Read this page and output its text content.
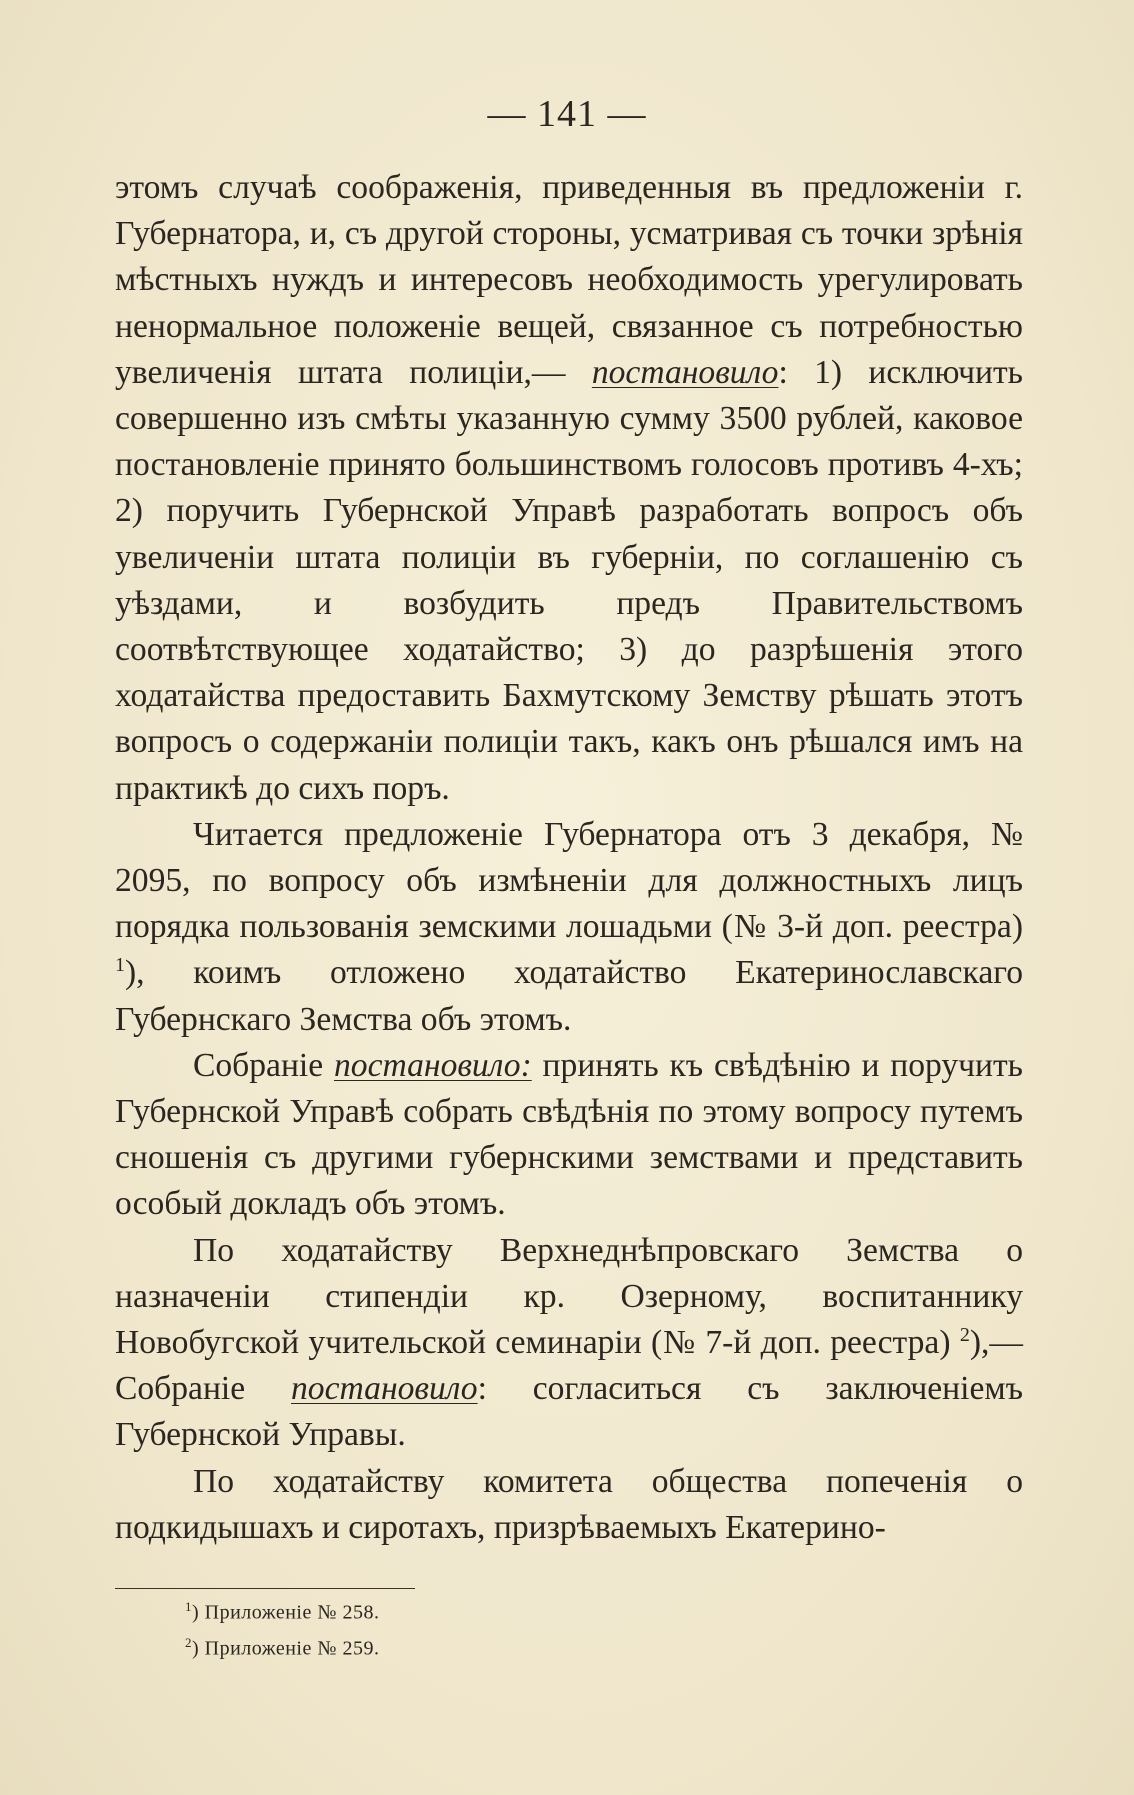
— 141 —

этомъ случаѣ соображенія, приведенныя въ предложеніи г. Губернатора, и, съ другой стороны, усматривая съ точки зрѣнія мѣстныхъ нуждъ и интересовъ необходимость урегулировать ненормальное положеніе вещей, связанное съ потребностью увеличенія штата полиціи,— постановило: 1) исключить совершенно изъ смѣты указанную сумму 3500 рублей, каковое постановленіе принято большинствомъ голосовъ противъ 4-хъ; 2) поручить Губернской Управѣ разработать вопросъ объ увеличеніи штата полиціи въ губерніи, по соглашенію съ уѣздами, и возбудить предъ Правительствомъ соотвѣтствующее ходатайство; 3) до разрѣшенія этого ходатайства предоставить Бахмутскому Земству рѣшать этотъ вопросъ о содержаніи полиціи такъ, какъ онъ рѣшался имъ на практикѣ до сихъ поръ.

Читается предложеніе Губернатора отъ 3 декабря, № 2095, по вопросу объ измѣненіи для должностныхъ лицъ порядка пользованія земскими лошадьми (№ 3-й доп. реестра) $^1$), коимъ отложено ходатайство Екатеринославскаго Губернскаго Земства объ этомъ.

Собраніе постановило: принять къ свѣдѣнію и поручить Губернской Управѣ собрать свѣдѣнія по этому вопросу путемъ сношенія съ другими губернскими земствами и представить особый докладъ объ этомъ.

По ходатайству Верхнеднѣпровскаго Земства о назначеніи стипендіи кр. Озерному, воспитаннику Новобугской учительской семинаріи (№ 7-й доп. реестра) $^2$),— Собраніе постановило: согласиться съ заключеніемъ Губернской Управы.

По ходатайству комитета общества попеченія о подкидышахъ и сиротахъ, призрѣваемыхъ Екатерино-

$^1$) Приложеніе № 258.
$^2$) Приложеніе № 259.
